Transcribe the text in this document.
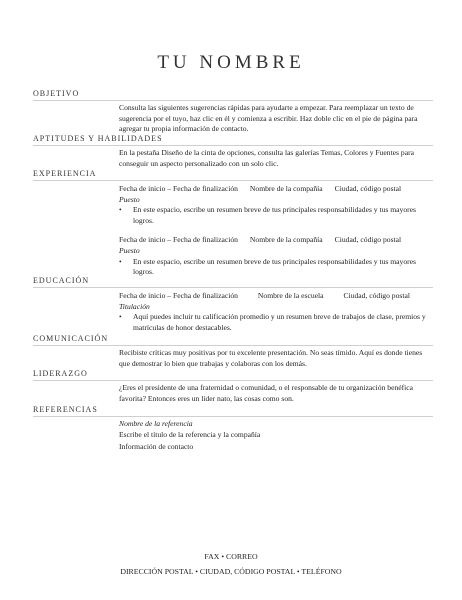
TU NOMBRE
OBJETIVO
Consulta las siguientes sugerencias rápidas para ayudarte a empezar. Para reemplazar un texto de sugerencia por el tuyo, haz clic en él y comienza a escribir. Haz doble clic en el pie de página para agregar tu propia información de contacto.
APTITUDES Y HABILIDADES
En la pestaña Diseño de la cinta de opciones, consulta las galerías Temas, Colores y Fuentes para conseguir un aspecto personalizado con un solo clic.
EXPERIENCIA
Fecha de inicio – Fecha de finalización Nombre de la compañía Ciudad, código postal
Puesto
•	En este espacio, escribe un resumen breve de tus principales responsabilidades y tus mayores logros.
Fecha de inicio – Fecha de finalización Nombre de la compañía Ciudad, código postal
Puesto
•	En este espacio, escribe un resumen breve de tus principales responsabilidades y tus mayores logros.
EDUCACIÓN
Fecha de inicio – Fecha de finalización	Nombre de la escuela	Ciudad, código postal
Titulación
•	Aquí puedes incluir tu calificación promedio y un resumen breve de trabajos de clase, premios y matrículas de honor destacables.
COMUNICACIÓN
Recibiste críticas muy positivas por tu excelente presentación. No seas tímido. Aquí es donde tienes que demostrar lo bien que trabajas y colaboras con los demás.
LIDERAZGO
¿Eres el presidente de una fraternidad o comunidad, o el responsable de tu organización benéfica favorita? Entonces eres un líder nato, las cosas como son.
REFERENCIAS
Nombre de la referencia
Escribe el título de la referencia y la compañía
Información de contacto
FAX • CORREO
DIRECCIÓN POSTAL • CIUDAD, CÓDIGO POSTAL • TELÉFONO
